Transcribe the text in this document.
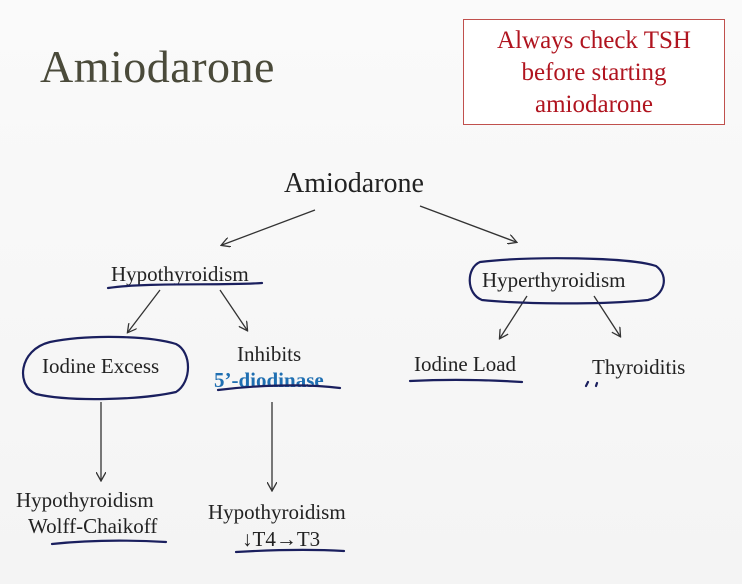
Amiodarone
Always check TSH
before starting
amiodarone
Amiodarone
Hypothyroidism	Hyperthyroidism
Iodine Excess	Inhibits
5’-diodinase
Iodine Load	Thyroiditis
Hypothyroidism
Wolff-Chaikoff
Hypothyroidism
↓T4→T3
